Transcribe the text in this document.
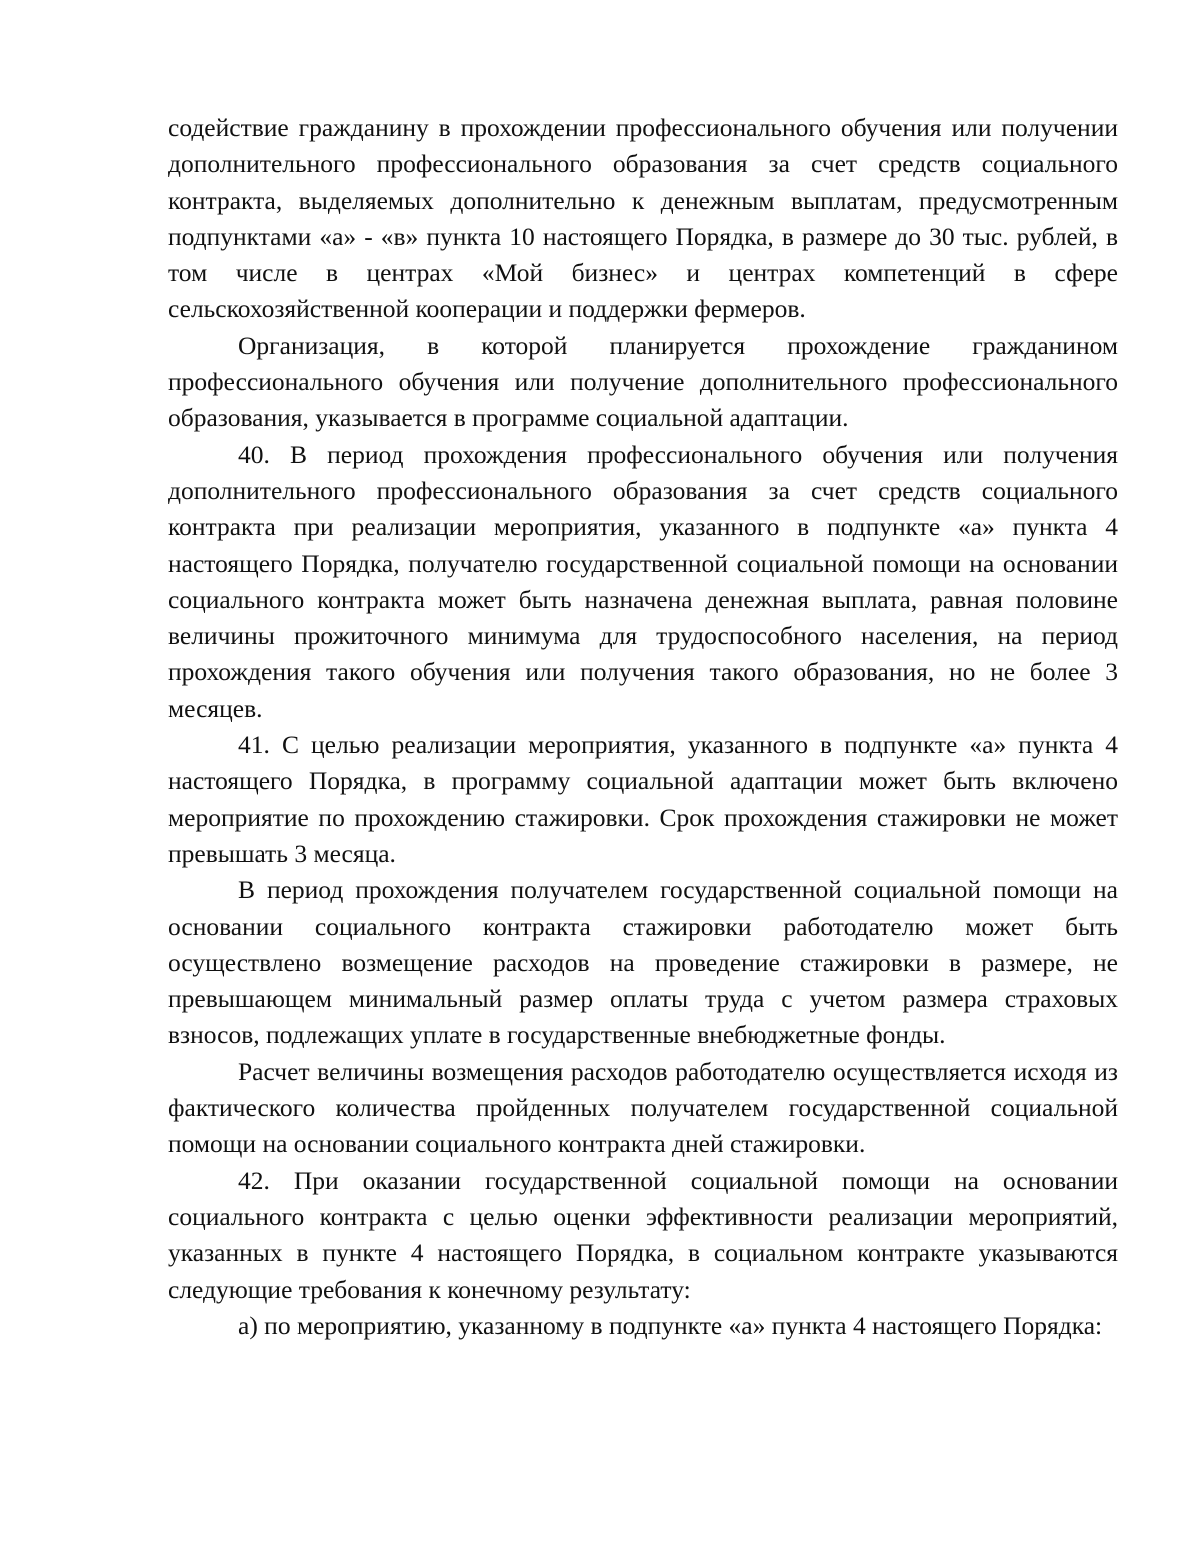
содействие гражданину в прохождении профессионального обучения или получении дополнительного профессионального образования за счет средств социального контракта, выделяемых дополнительно к денежным выплатам, предусмотренным подпунктами «а» - «в» пункта 10 настоящего Порядка, в размере до 30 тыс. рублей, в том числе в центрах «Мой бизнес» и центрах компетенций в сфере сельскохозяйственной кооперации и поддержки фермеров.

Организация, в которой планируется прохождение гражданином профессионального обучения или получение дополнительного профессионального образования, указывается в программе социальной адаптации.

40. В период прохождения профессионального обучения или получения дополнительного профессионального образования за счет средств социального контракта при реализации мероприятия, указанного в подпункте «а» пункта 4 настоящего Порядка, получателю государственной социальной помощи на основании социального контракта может быть назначена денежная выплата, равная половине величины прожиточного минимума для трудоспособного населения, на период прохождения такого обучения или получения такого образования, но не более 3 месяцев.

41. С целью реализации мероприятия, указанного в подпункте «а» пункта 4 настоящего Порядка, в программу социальной адаптации может быть включено мероприятие по прохождению стажировки. Срок прохождения стажировки не может превышать 3 месяца.

В период прохождения получателем государственной социальной помощи на основании социального контракта стажировки работодателю может быть осуществлено возмещение расходов на проведение стажировки в размере, не превышающем минимальный размер оплаты труда с учетом размера страховых взносов, подлежащих уплате в государственные внебюджетные фонды.

Расчет величины возмещения расходов работодателю осуществляется исходя из фактического количества пройденных получателем государственной социальной помощи на основании социального контракта дней стажировки.

42. При оказании государственной социальной помощи на основании социального контракта с целью оценки эффективности реализации мероприятий, указанных в пункте 4 настоящего Порядка, в социальном контракте указываются следующие требования к конечному результату:

а) по мероприятию, указанному в подпункте «а» пункта 4 настоящего Порядка:
